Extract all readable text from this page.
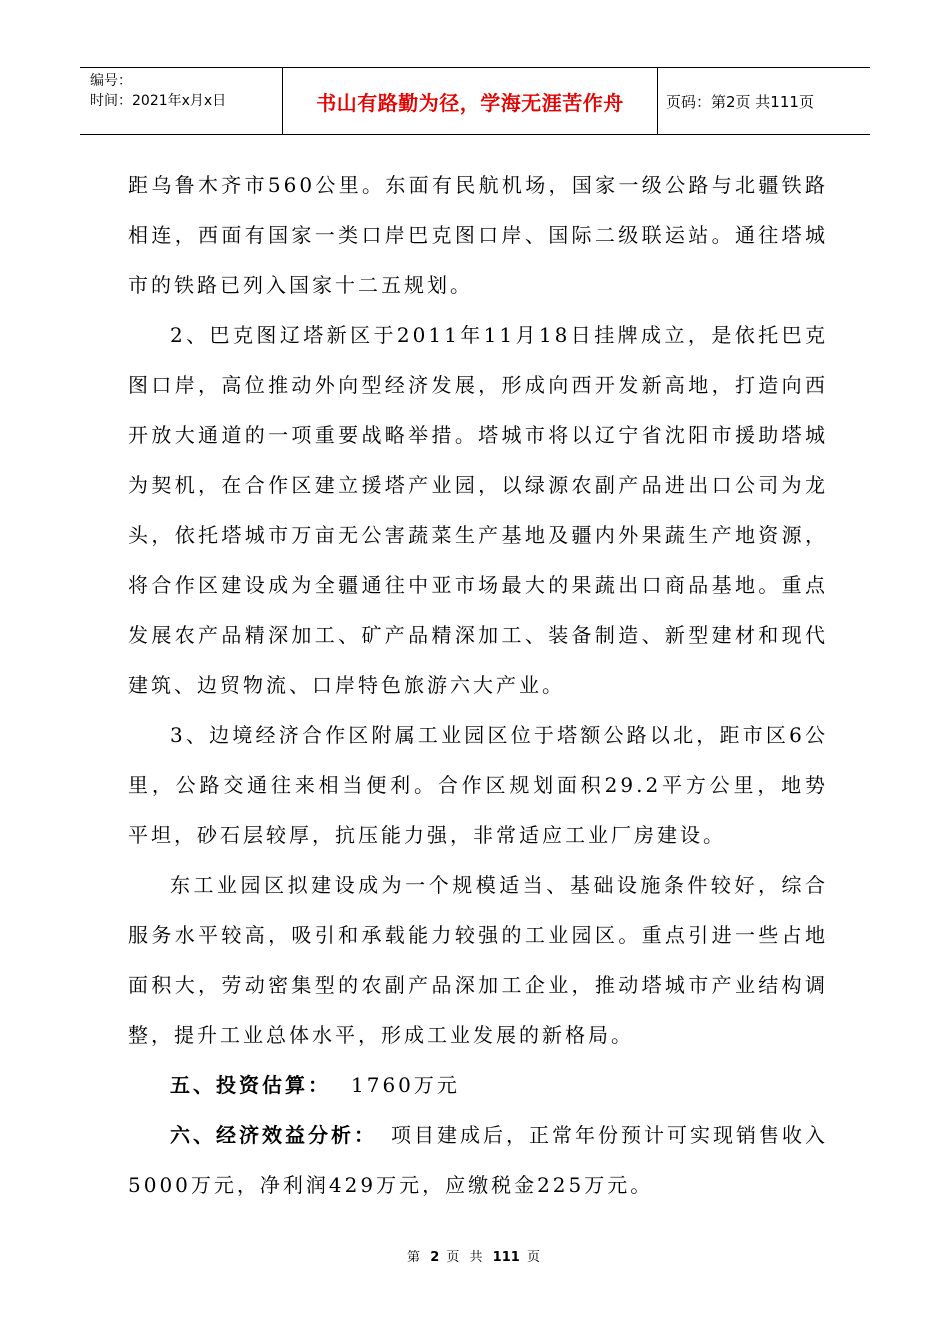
编号：
时间：2021年x月x日	书山有路勤为径，学海无涯苦作舟	页码：第2页 共111页

距乌鲁木齐市560公里。东面有民航机场，国家一级公路与北疆铁路相连，西面有国家一类口岸巴克图口岸、国际二级联运站。通往塔城市的铁路已列入国家十二五规划。

2、巴克图辽塔新区于2011年11月18日挂牌成立，是依托巴克图口岸，高位推动外向型经济发展，形成向西开发新高地，打造向西开放大通道的一项重要战略举措。塔城市将以辽宁省沈阳市援助塔城为契机，在合作区建立援塔产业园，以绿源农副产品进出口公司为龙头，依托塔城市万亩无公害蔬菜生产基地及疆内外果蔬生产地资源，将合作区建设成为全疆通往中亚市场最大的果蔬出口商品基地。重点发展农产品精深加工、矿产品精深加工、装备制造、新型建材和现代建筑、边贸物流、口岸特色旅游六大产业。

3、边境经济合作区附属工业园区位于塔额公路以北，距市区6公里，公路交通往来相当便利。合作区规划面积29.2平方公里，地势平坦，砂石层较厚，抗压能力强，非常适应工业厂房建设。

东工业园区拟建设成为一个规模适当、基础设施条件较好，综合服务水平较高，吸引和承载能力较强的工业园区。重点引进一些占地面积大，劳动密集型的农副产品深加工企业，推动塔城市产业结构调整，提升工业总体水平，形成工业发展的新格局。

五、投资估算： 1760万元

六、经济效益分析： 项目建成后，正常年份预计可实现销售收入5000万元，净利润429万元，应缴税金225万元。

第 2 页 共 111 页
